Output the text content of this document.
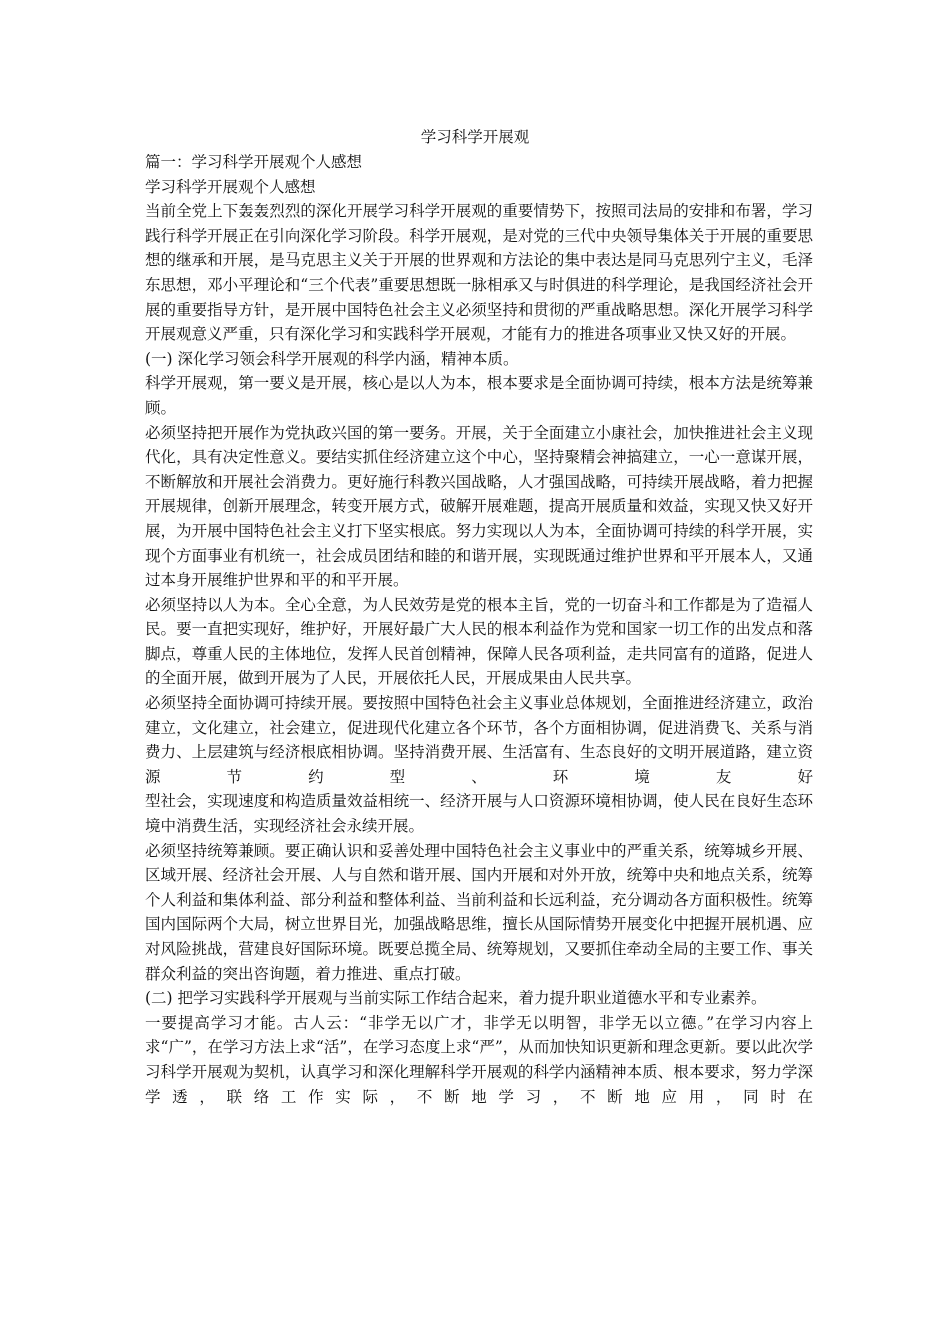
学习科学开展观

篇一：学习科学开展观个人感想

学习科学开展观个人感想

当前全党上下轰轰烈烈的深化开展学习科学开展观的重要情势下，按照司法局的安排和布署，学习践行科学开展正在引向深化学习阶段。科学开展观，是对党的三代中央领导集体关于开展的重要思想的继承和开展，是马克思主义关于开展的世界观和方法论的集中表达是同马克思列宁主义，毛泽东思想，邓小平理论和“三个代表”重要思想既一脉相承又与时俱进的科学理论，是我国经济社会开展的重要指导方针，是开展中国特色社会主义必须坚持和贯彻的严重战略思想。深化开展学习科学开展观意义严重，只有深化学习和实践科学开展观，才能有力的推进各项事业又快又好的开展。

(一) 深化学习领会科学开展观的科学内涵，精神本质。

科学开展观，第一要义是开展，核心是以人为本，根本要求是全面协调可持续，根本方法是统筹兼顾。

必须坚持把开展作为党执政兴国的第一要务。开展，关于全面建立小康社会，加快推进社会主义现代化，具有决定性意义。要结实抓住经济建立这个中心，坚持聚精会神搞建立，一心一意谋开展，不断解放和开展社会消费力。更好施行科教兴国战略，人才强国战略，可持续开展战略，着力把握开展规律，创新开展理念，转变开展方式，破解开展难题，提高开展质量和效益，实现又快又好开展，为开展中国特色社会主义打下坚实根底。努力实现以人为本，全面协调可持续的科学开展，实现个方面事业有机统一，社会成员团结和睦的和谐开展，实现既通过维护世界和平开展本人，又通过本身开展维护世界和平的和平开展。

必须坚持以人为本。全心全意，为人民效劳是党的根本主旨，党的一切奋斗和工作都是为了造福人民。要一直把实现好，维护好，开展好最广大人民的根本利益作为党和国家一切工作的出发点和落脚点，尊重人民的主体地位，发挥人民首创精神，保障人民各项利益，走共同富有的道路，促进人的全面开展，做到开展为了人民，开展依托人民，开展成果由人民共享。

必须坚持全面协调可持续开展。要按照中国特色社会主义事业总体规划，全面推进经济建立，政治建立，文化建立，社会建立，促进现代化建立各个环节，各个方面相协调，促进消费飞、关系与消费力、上层建筑与经济根底相协调。坚持消费开展、生活富有、生态良好的文明开展道路，建立资源节约型、环境友好

型社会，实现速度和构造质量效益相统一、经济开展与人口资源环境相协调，使人民在良好生态环境中消费生活，实现经济社会永续开展。

必须坚持统筹兼顾。要正确认识和妥善处理中国特色社会主义事业中的严重关系，统筹城乡开展、区域开展、经济社会开展、人与自然和谐开展、国内开展和对外开放，统筹中央和地点关系，统筹个人利益和集体利益、部分利益和整体利益、当前利益和长远利益，充分调动各方面积极性。统筹国内国际两个大局，树立世界目光，加强战略思维，擅长从国际情势开展变化中把握开展机遇、应对风险挑战，营建良好国际环境。既要总揽全局、统筹规划，又要抓住牵动全局的主要工作、事关群众利益的突出咨询题，着力推进、重点打破。

(二) 把学习实践科学开展观与当前实际工作结合起来，着力提升职业道德水平和专业素养。

一要提高学习才能。古人云：“非学无以广才，非学无以明智，非学无以立德。”在学习内容上求“广”，在学习方法上求“活”，在学习态度上求“严”，从而加快知识更新和理念更新。要以此次学习科学开展观为契机，认真学习和深化理解科学开展观的科学内涵精神本质、根本要求，努力学深学透，联络工作实际，不断地学习，不断地应用，同时在
